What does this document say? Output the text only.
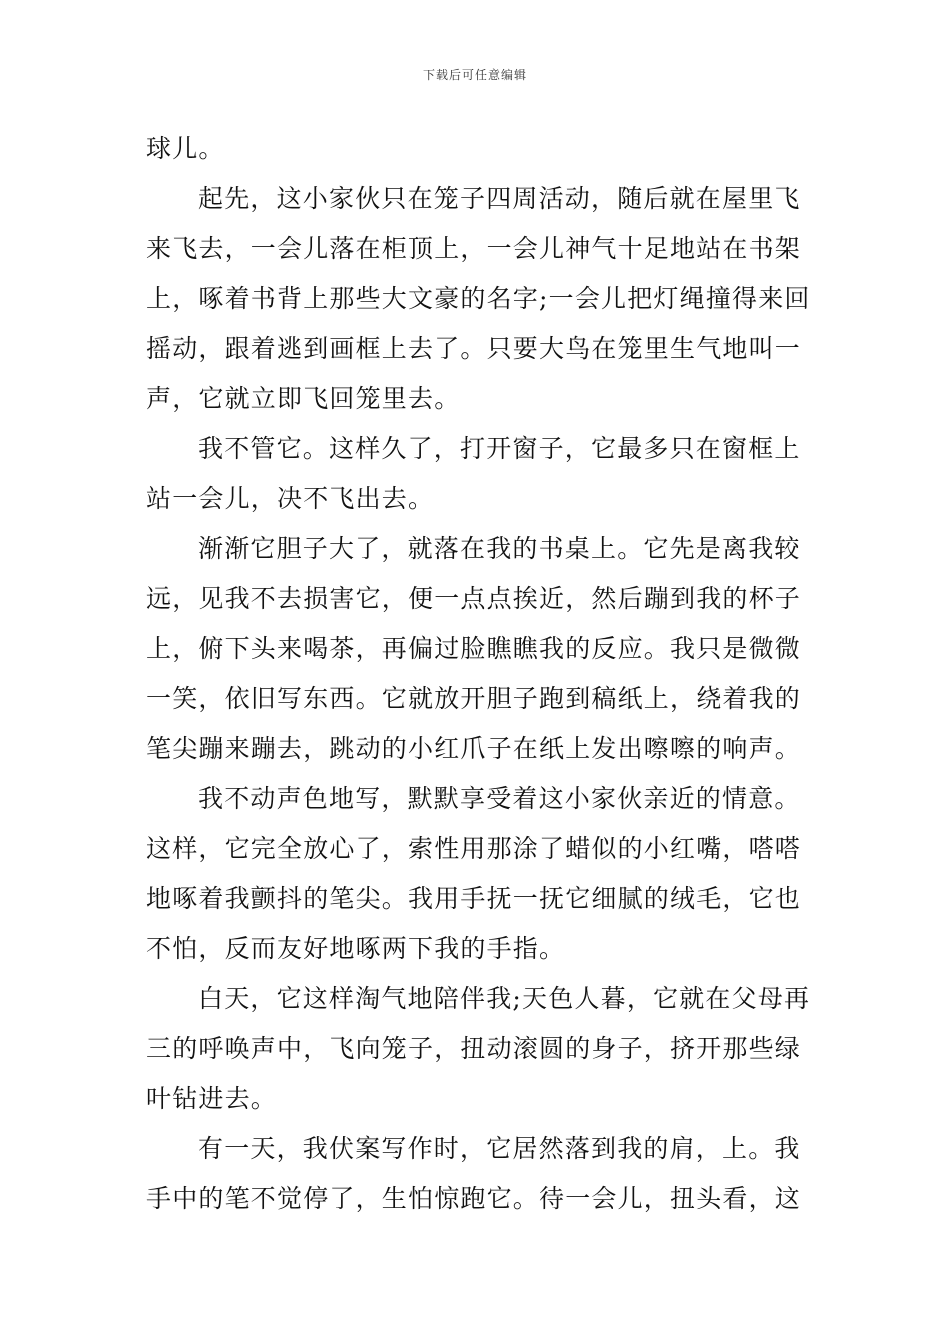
下载后可任意编辑
球儿。
起先，这小家伙只在笼子四周活动，随后就在屋里飞
来飞去，一会儿落在柜顶上，一会儿神气十足地站在书架
上，啄着书背上那些大文豪的名字;一会儿把灯绳撞得来回
摇动，跟着逃到画框上去了。只要大鸟在笼里生气地叫一
声，它就立即飞回笼里去。
我不管它。这样久了，打开窗子，它最多只在窗框上
站一会儿，决不飞出去。
渐渐它胆子大了，就落在我的书桌上。它先是离我较
远，见我不去损害它，便一点点挨近，然后蹦到我的杯子
上，俯下头来喝茶，再偏过脸瞧瞧我的反应。我只是微微
一笑，依旧写东西。它就放开胆子跑到稿纸上，绕着我的
笔尖蹦来蹦去，跳动的小红爪子在纸上发出嚓嚓的响声。
我不动声色地写，默默享受着这小家伙亲近的情意。
这样，它完全放心了，索性用那涂了蜡似的小红嘴，嗒嗒
地啄着我颤抖的笔尖。我用手抚一抚它细腻的绒毛，它也
不怕，反而友好地啄两下我的手指。
白天，它这样淘气地陪伴我;天色人暮，它就在父母再
三的呼唤声中，飞向笼子，扭动滚圆的身子，挤开那些绿
叶钻进去。
有一天，我伏案写作时，它居然落到我的肩，上。我
手中的笔不觉停了，生怕惊跑它。待一会儿，扭头看，这
